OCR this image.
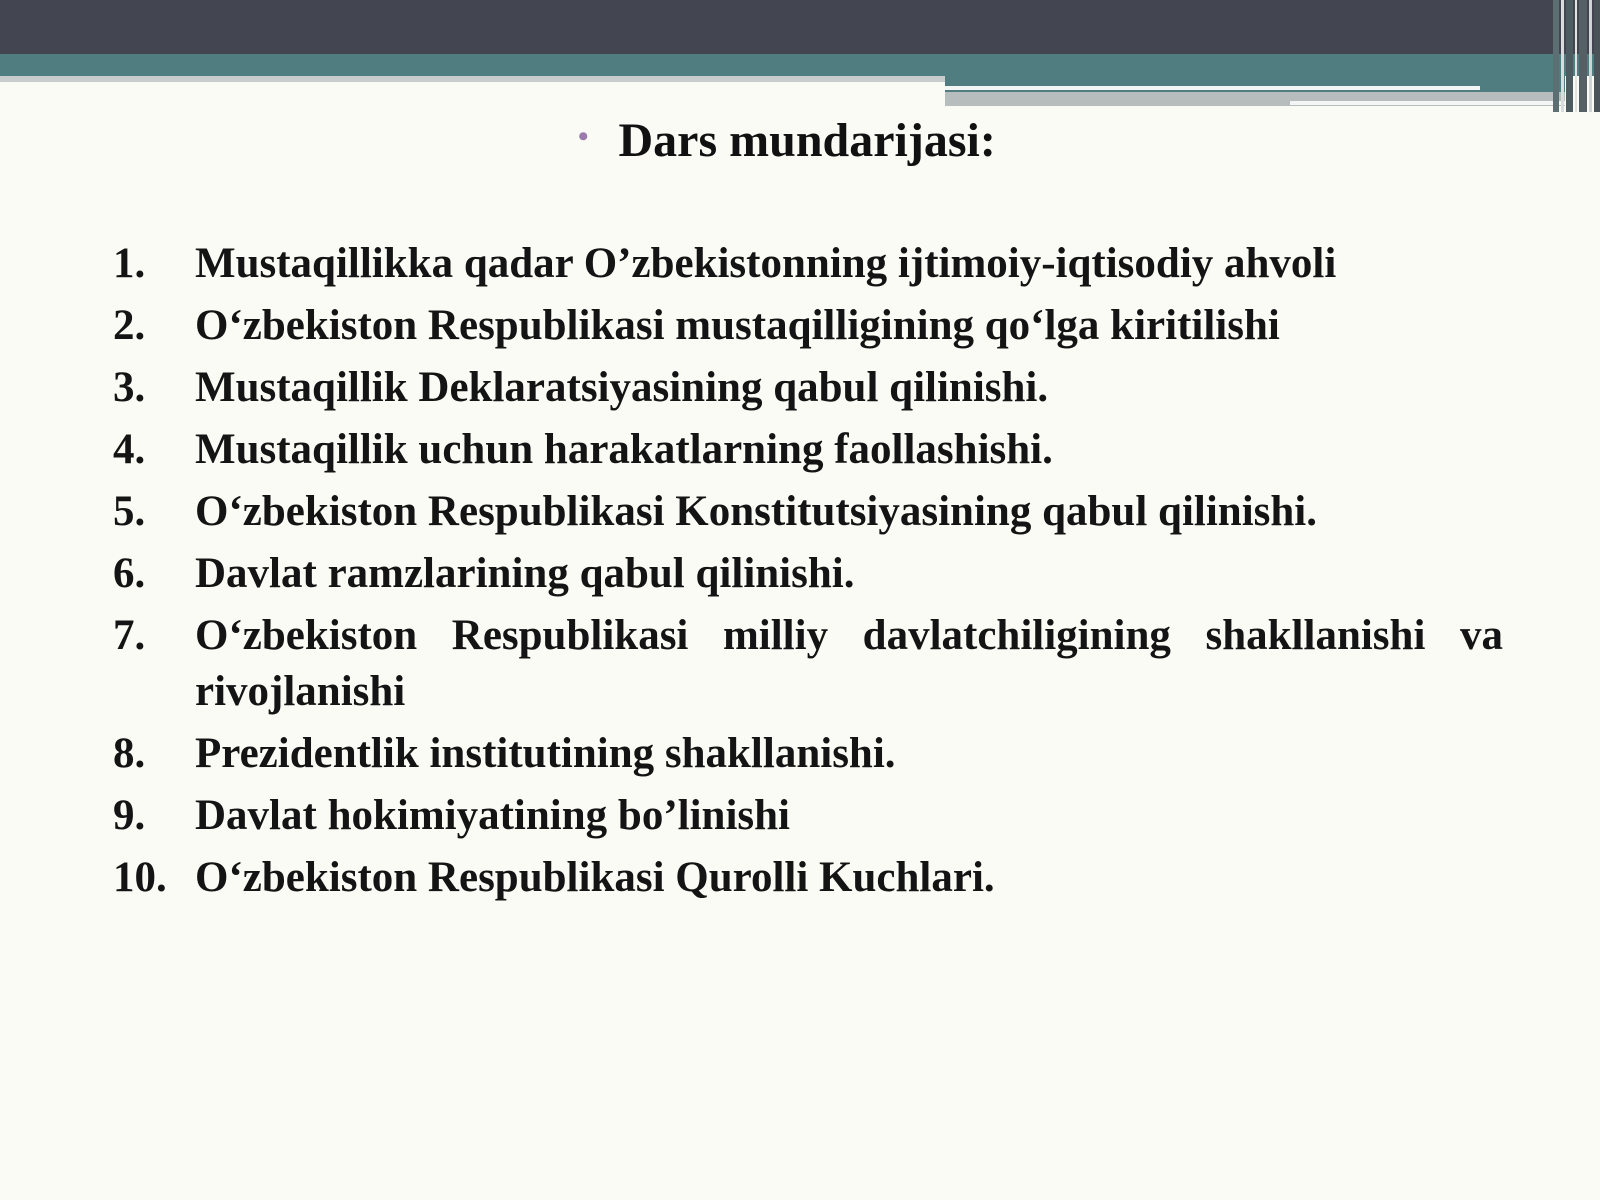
• Dars mundarijasi:
1.	Mustaqillikka qadar O’zbekistonning ijtimoiy-iqtisodiy ahvoli
2.	O‘zbekiston Respublikasi mustaqilligining qo‘lga kiritilishi
3.	Mustaqillik Deklaratsiyasining qabul qilinishi.
4.	Mustaqillik uchun harakatlarning faollashishi.
5.	O‘zbekiston Respublikasi Konstitutsiyasining qabul qilinishi.
6.	Davlat ramzlarining qabul qilinishi.
7.	O‘zbekiston Respublikasi milliy davlatchiligining shakllanishi va rivojlanishi
8.	Prezidentlik institutining shakllanishi.
9.	Davlat hokimiyatining bo’linishi
10. O‘zbekiston Respublikasi Qurolli Kuchlari.
